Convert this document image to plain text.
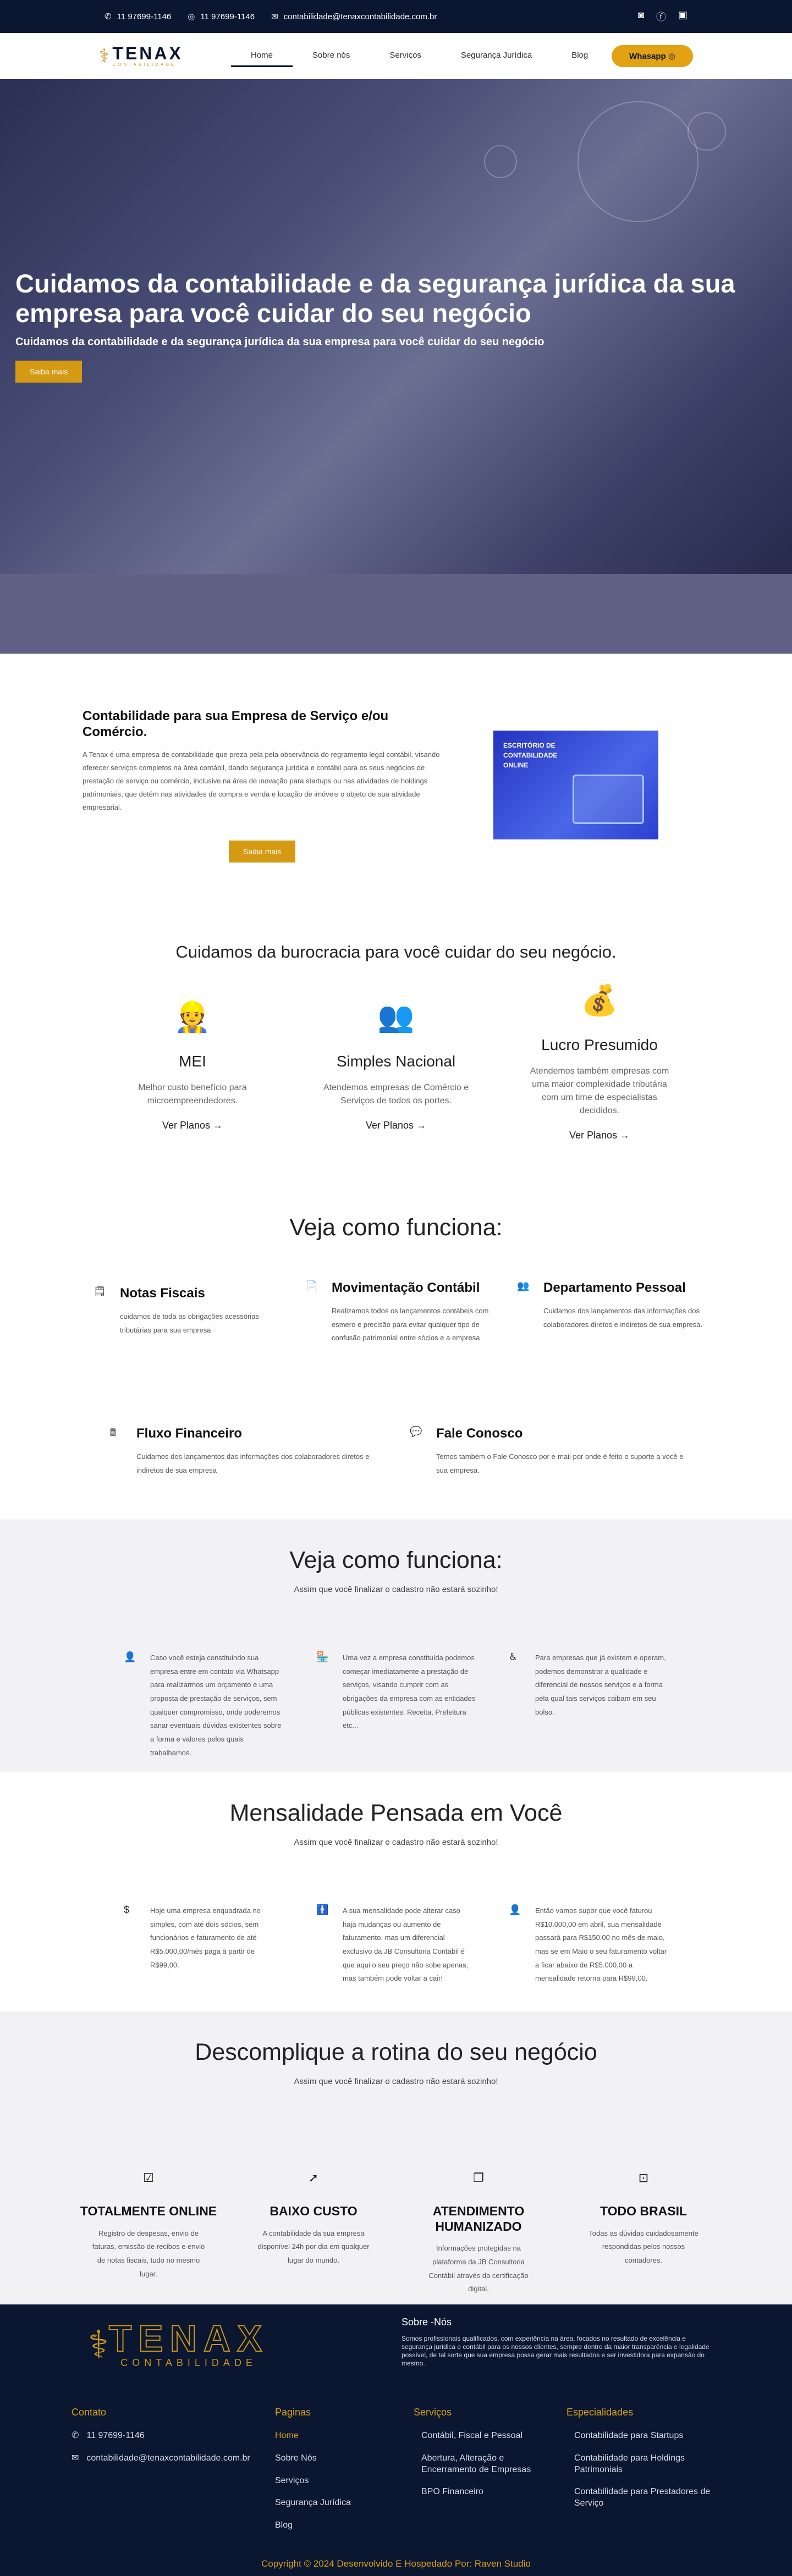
✆ 11 97699-1146 ◎ 11 97699-1146 ✉ contabilidade@tenaxcontabilidade.com.br	◙ ⓕ ▣
⚕ TENAX
CONTABILIDADE
Home	Sobre nós	Serviços	Segurança Jurídica	Blog	Whasapp ◎
Cuidamos da contabilidade e da segurança jurídica da sua empresa para você cuidar do seu negócio

Cuidamos da contabilidade e da segurança jurídica da sua empresa para você cuidar do seu negócio

Saiba mais
Contabilidade para sua Empresa de Serviço e/ou Comércio.

A Tenax é uma empresa de contabilidade que preza pela pela observância do regramento legal contábil, visando oferecer serviços completos na área contábil, dando segurança jurídica e contábil para os seus negócios de prestação de serviço ou comércio, inclusive na área de inovação para startups ou nas atividades de holdings patrimoniais, que detém nas atividades de compra e venda e locação de imóveis o objeto de sua atividade empresarial.

Saiba mais
ESCRITÓRIO DE CONTABILIDADE ONLINE
Cuidamos da burocracia para você cuidar do seu negócio.
👷
MEI

Melhor custo benefício para microempreendedores.

Ver Planos →
👥
Simples Nacional

Atendemos empresas de Comércio e Serviços de todos os portes.

Ver Planos →
💰
Lucro Presumido

Atendemos também empresas com uma maior complexidade tributária com um time de especialistas decididos.

Ver Planos →
Veja como funciona:
🗒 Notas Fiscais

cuidamos de toda as obrigações acessórias tributárias para sua empresa

📄 Movimentação Contábil

Realizamos todos os lançamentos contábeis com esmero e precisão para evitar qualquer tipo de confusão patrimonial entre sócios e a empresa

👥 Departamento Pessoal

Cuidamos dos lançamentos das informações dos colaboradores diretos e indiretos de sua empresa.

🖩 Fluxo Financeiro

Cuidamos dos lançamentos das informações dos colaboradores diretos e indiretos de sua empresa

💬 Fale Conosco

Temos também o Fale Conosco por e-mail por onde é feito o suporte a você e sua empresa.

Veja como funciona:
Assim que você finalizar o cadastro não estará sozinho!
👤 Caso você esteja constituindo sua empresa entre em contato via Whatsapp para realizarmos um orçamento e uma proposta de prestação de serviços, sem qualquer compromisso, onde poderemos sanar eventuais dúvidas existentes sobre a forma e valores pelos quais trabalhamos.

🏪 Uma vez a empresa constituída podemos começar imediatamente a prestação de serviços, visando cumprir com as obrigações da empresa com as entidades públicas existentes. Receita, Prefeitura etc...

♿ Para empresas que já existem e operam, podemos demonstrar a qualidade e diferencial de nossos serviços e a forma pela qual tais serviços caibam em seu bolso.

Mensalidade Pensada em Você
Assim que você finalizar o cadastro não estará sozinho!
$	Hoje uma empresa enquadrada no simples, com até dois sócios, sem funcionários e faturamento de até R$5.000,00/mês paga à partir de R$99,00.

🚹 A sua mensalidade pode alterar caso haja mudanças ou aumento de faturamento, mas um diferencial exclusivo da JB Consultoria Contábil é que aqui o seu preço não sobe apenas, mas também pode voltar a cair!

👤 Então vamos supor que você faturou R$10.000,00 em abril, sua mensalidade passará para R$150,00 no mês de maio, mas se em Maio o seu faturamento voltar a ficar abaixo de R$5.000,00 a mensalidade retorna para R$99,00.

Descomplique a rotina do seu negócio
Assim que você finalizar o cadastro não estará sozinho!
☑
TOTALMENTE ONLINE

Registro de despesas, envio de faturas, emissão de recibos e envio de notas fiscais, tudo no mesmo lugar.

➚
BAIXO CUSTO

A contabilidade da sua empresa disponível 24h por dia em qualquer lugar do mundo.

❐
ATENDIMENTO HUMANIZADO

Informações protegidas na plataforma da JB Consultoria Contábil através da certificação digital.

⊡
TODO BRASIL

Todas as dúvidas cuidadosamente respondidas pelos nossos contadores.

⚕ TENAX
CONTABILIDADE
Sobre -Nós

Somos profissionais qualificados, com experiência na área, focados no resultado de excelência e segurança jurídica e contábil para os nossos clientes, sempre dentro da maior transparência e legalidade possível, de tal sorte que sua empresa possa gerar mais resultados e ser investidora para expansão do mesmo.

Contato
✆ 11 97699-1146
✉ contabilidade@tenaxcontabilidade.com.br
Paginas
Home
Sobre Nós
Serviços
Segurança Jurídica
Blog
Serviços
Contábil, Fiscal e Pessoal
Abertura, Alteração e Encerramento de Empresas
BPO Financeiro
Especialidades
Contabilidade para Startups
Contabilidade para Holdings Patrimoniais
Contabilidade para Prestadores de Serviço
Copyright © 2024 Desenvolvido E Hospedado Por: Raven Studio
